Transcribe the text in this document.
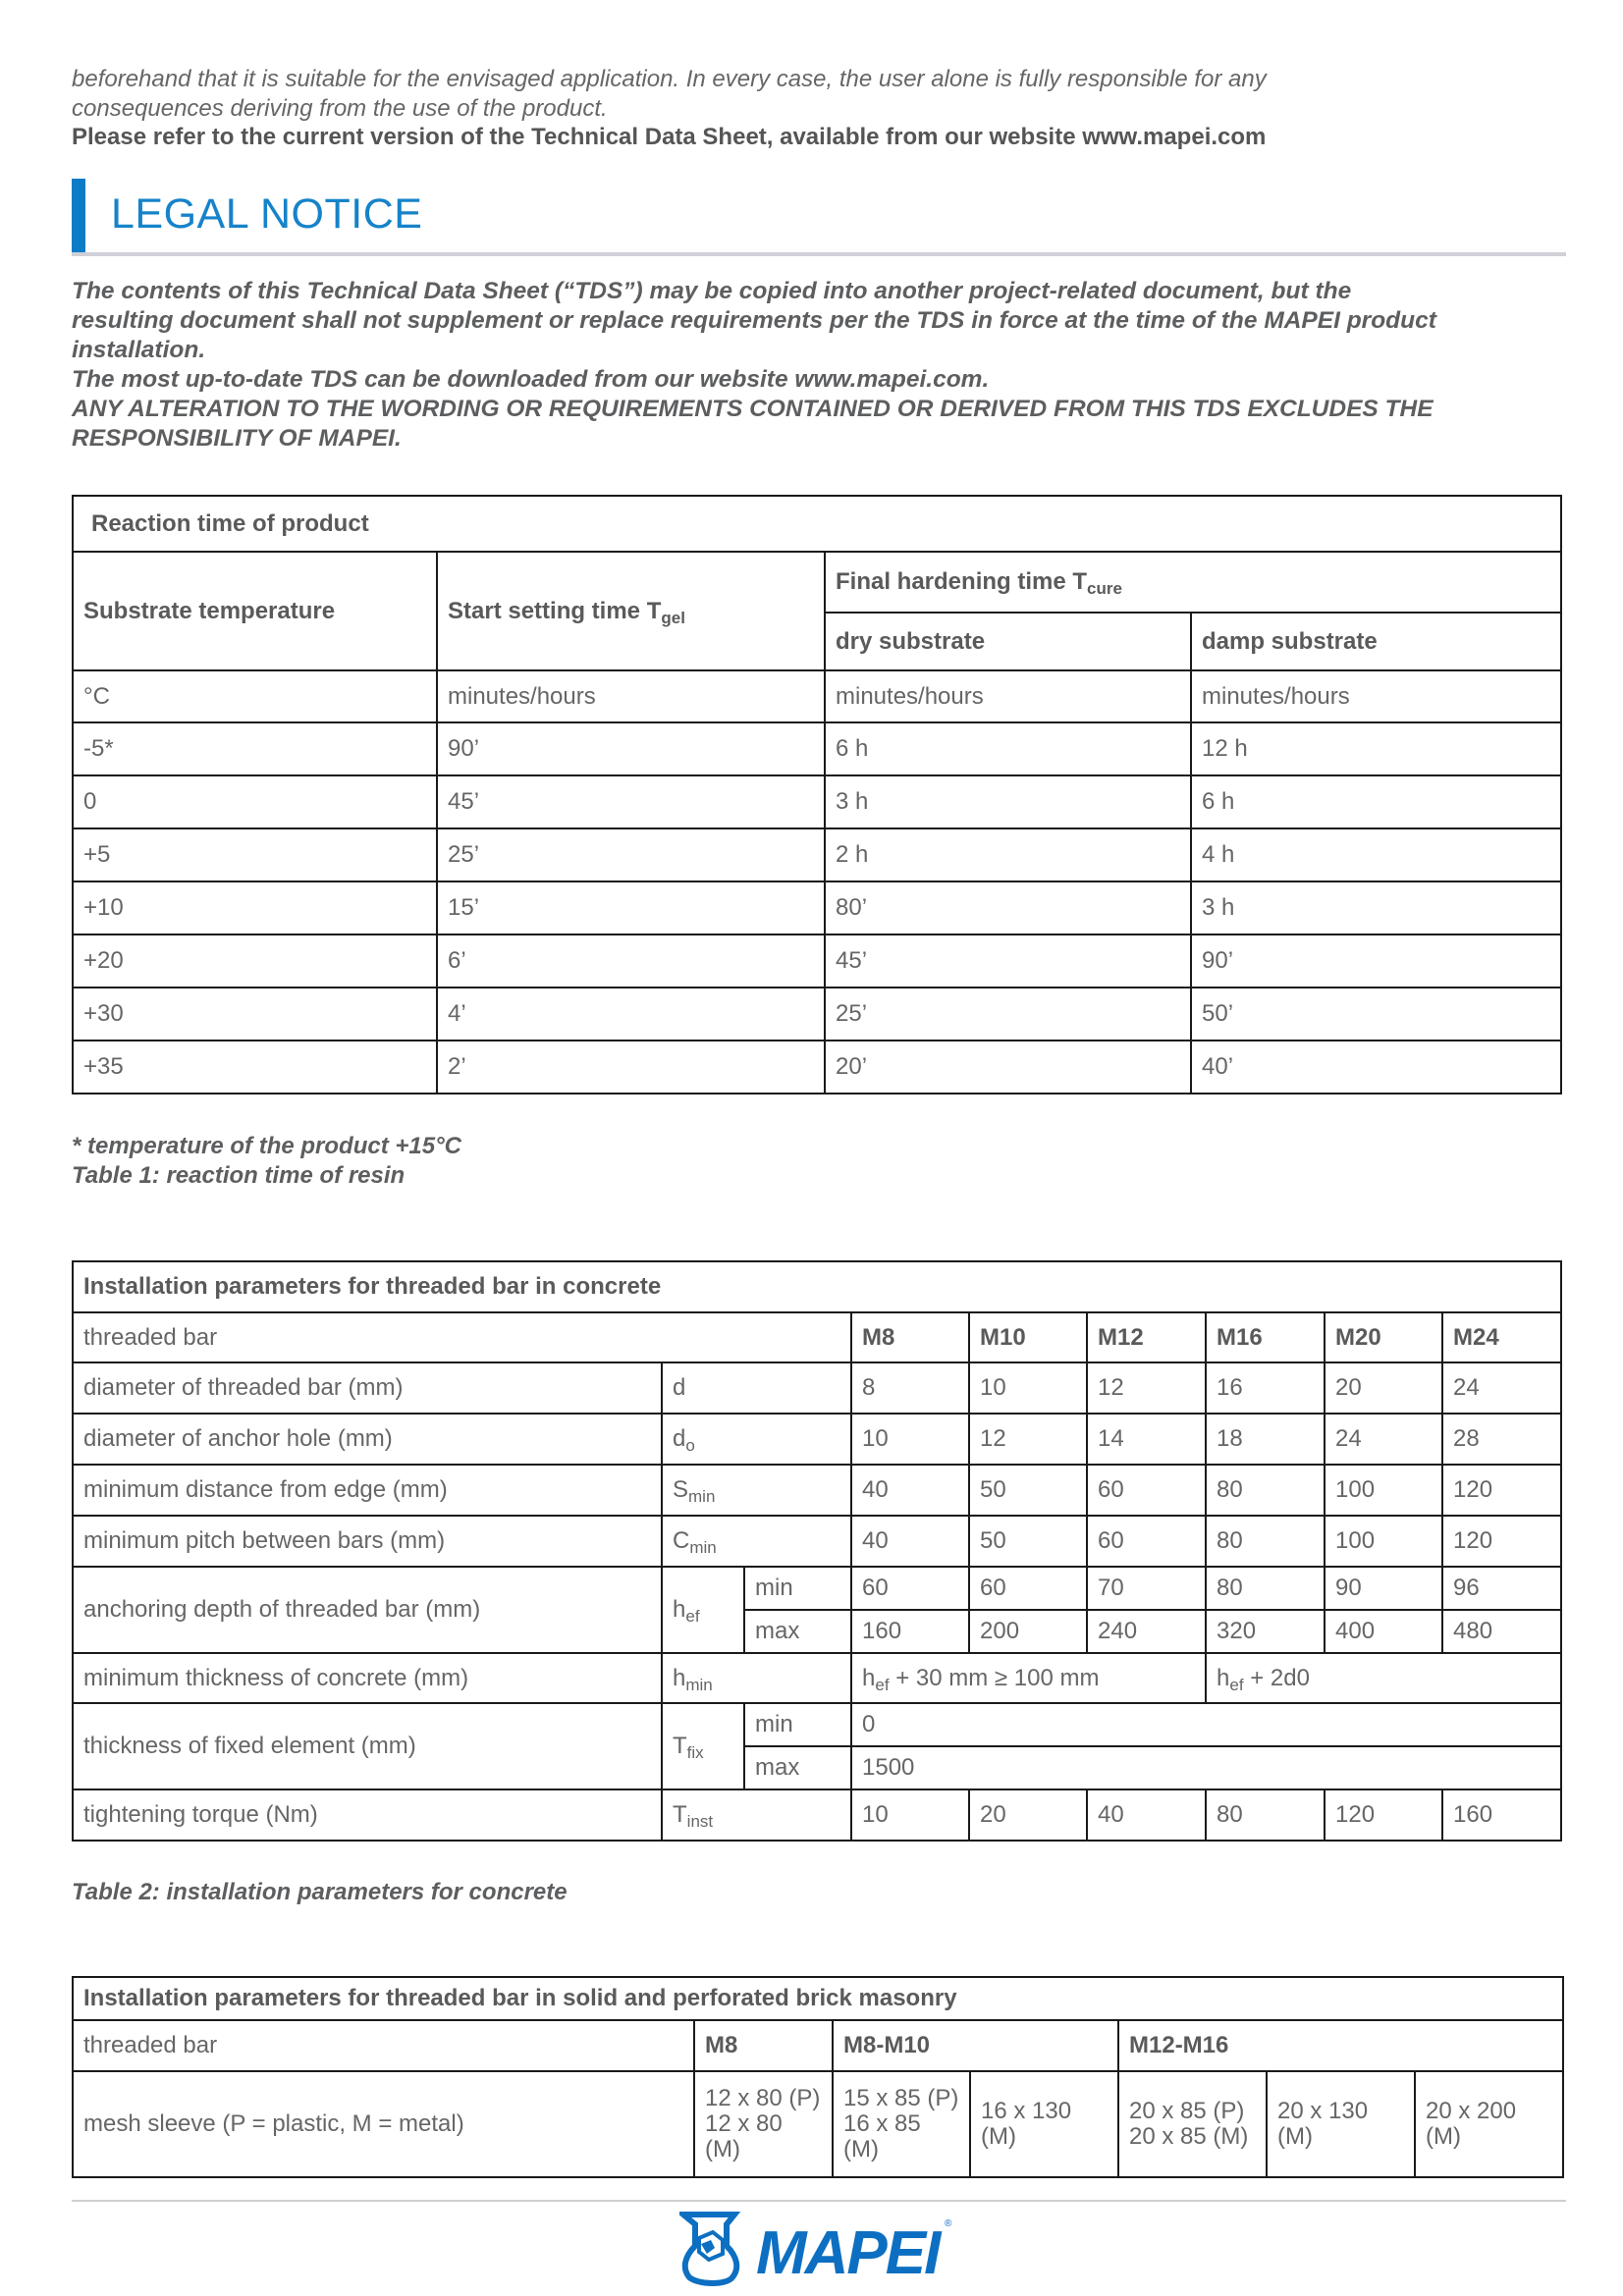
beforehand that it is suitable for the envisaged application. In every case, the user alone is fully responsible for any
consequences deriving from the use of the product.
Please refer to the current version of the Technical Data Sheet, available from our website www.mapei.com
LEGAL NOTICE
The contents of this Technical Data Sheet (“TDS”) may be copied into another project-related document, but the
resulting document shall not supplement or replace requirements per the TDS in force at the time of the MAPEI product
installation.
The most up-to-date TDS can be downloaded from our website www.mapei.com.
ANY ALTERATION TO THE WORDING OR REQUIREMENTS CONTAINED OR DERIVED FROM THIS TDS EXCLUDES THE
RESPONSIBILITY OF MAPEI.
Reaction time of product			
Substrate temperature	Start setting time $T_{gel}$	Final hardening time $T_{cure}$
		dry substrate	damp substrate
°C	minutes/hours	minutes/hours	minutes/hours
-5*	90’	6 h	12 h
0	45’	3 h	6 h
+5	25’	2 h	4 h
+10	15’	80’	3 h
+20	6’	45’	90’
+30	4’	25’	50’
+35	2’	20’	40’
* temperature of the product +15°C
Table 1: reaction time of resin
Installation parameters for threaded bar in concrete								
threaded bar			M8	M10	M12	M16	M20	M24
diameter of threaded bar (mm)	d		8	10	12	16	20	24
diameter of anchor hole (mm)	$d_o$		10	12	14	18	24	28
minimum distance from edge (mm)	$S_{min}$		40	50	60	80	100	120
minimum pitch between bars (mm)	$C_{min}$		40	50	60	80	100	120
anchoring depth of threaded bar (mm)	$h_{ef}$	min	60	60	70	80	90	96
		max	160	200	240	320	400	480
minimum thickness of concrete (mm)	$h_{min}$		$h_{ef} + 30$ mm ≥ 100 mm			$h_{ef} + 2d0$		
thickness of fixed element (mm)	$T_{fix}$	min	0					
		max	1500					
tightening torque (Nm)	$T_{inst}$		10	20	40	80	120	160
Table 2: installation parameters for concrete
Installation parameters for threaded bar in solid and perforated brick masonry						
threaded bar	M8	M8-M10		M12-M16		
mesh sleeve (P = plastic, M = metal)	12 x 80 (P) 12 x 80 (M)	15 x 85 (P) 16 x 85 (M)	16 x 130 (M)	20 x 85 (P) 20 x 85 (M)	20 x 130 (M)	20 x 200 (M)
MAPEI ®
